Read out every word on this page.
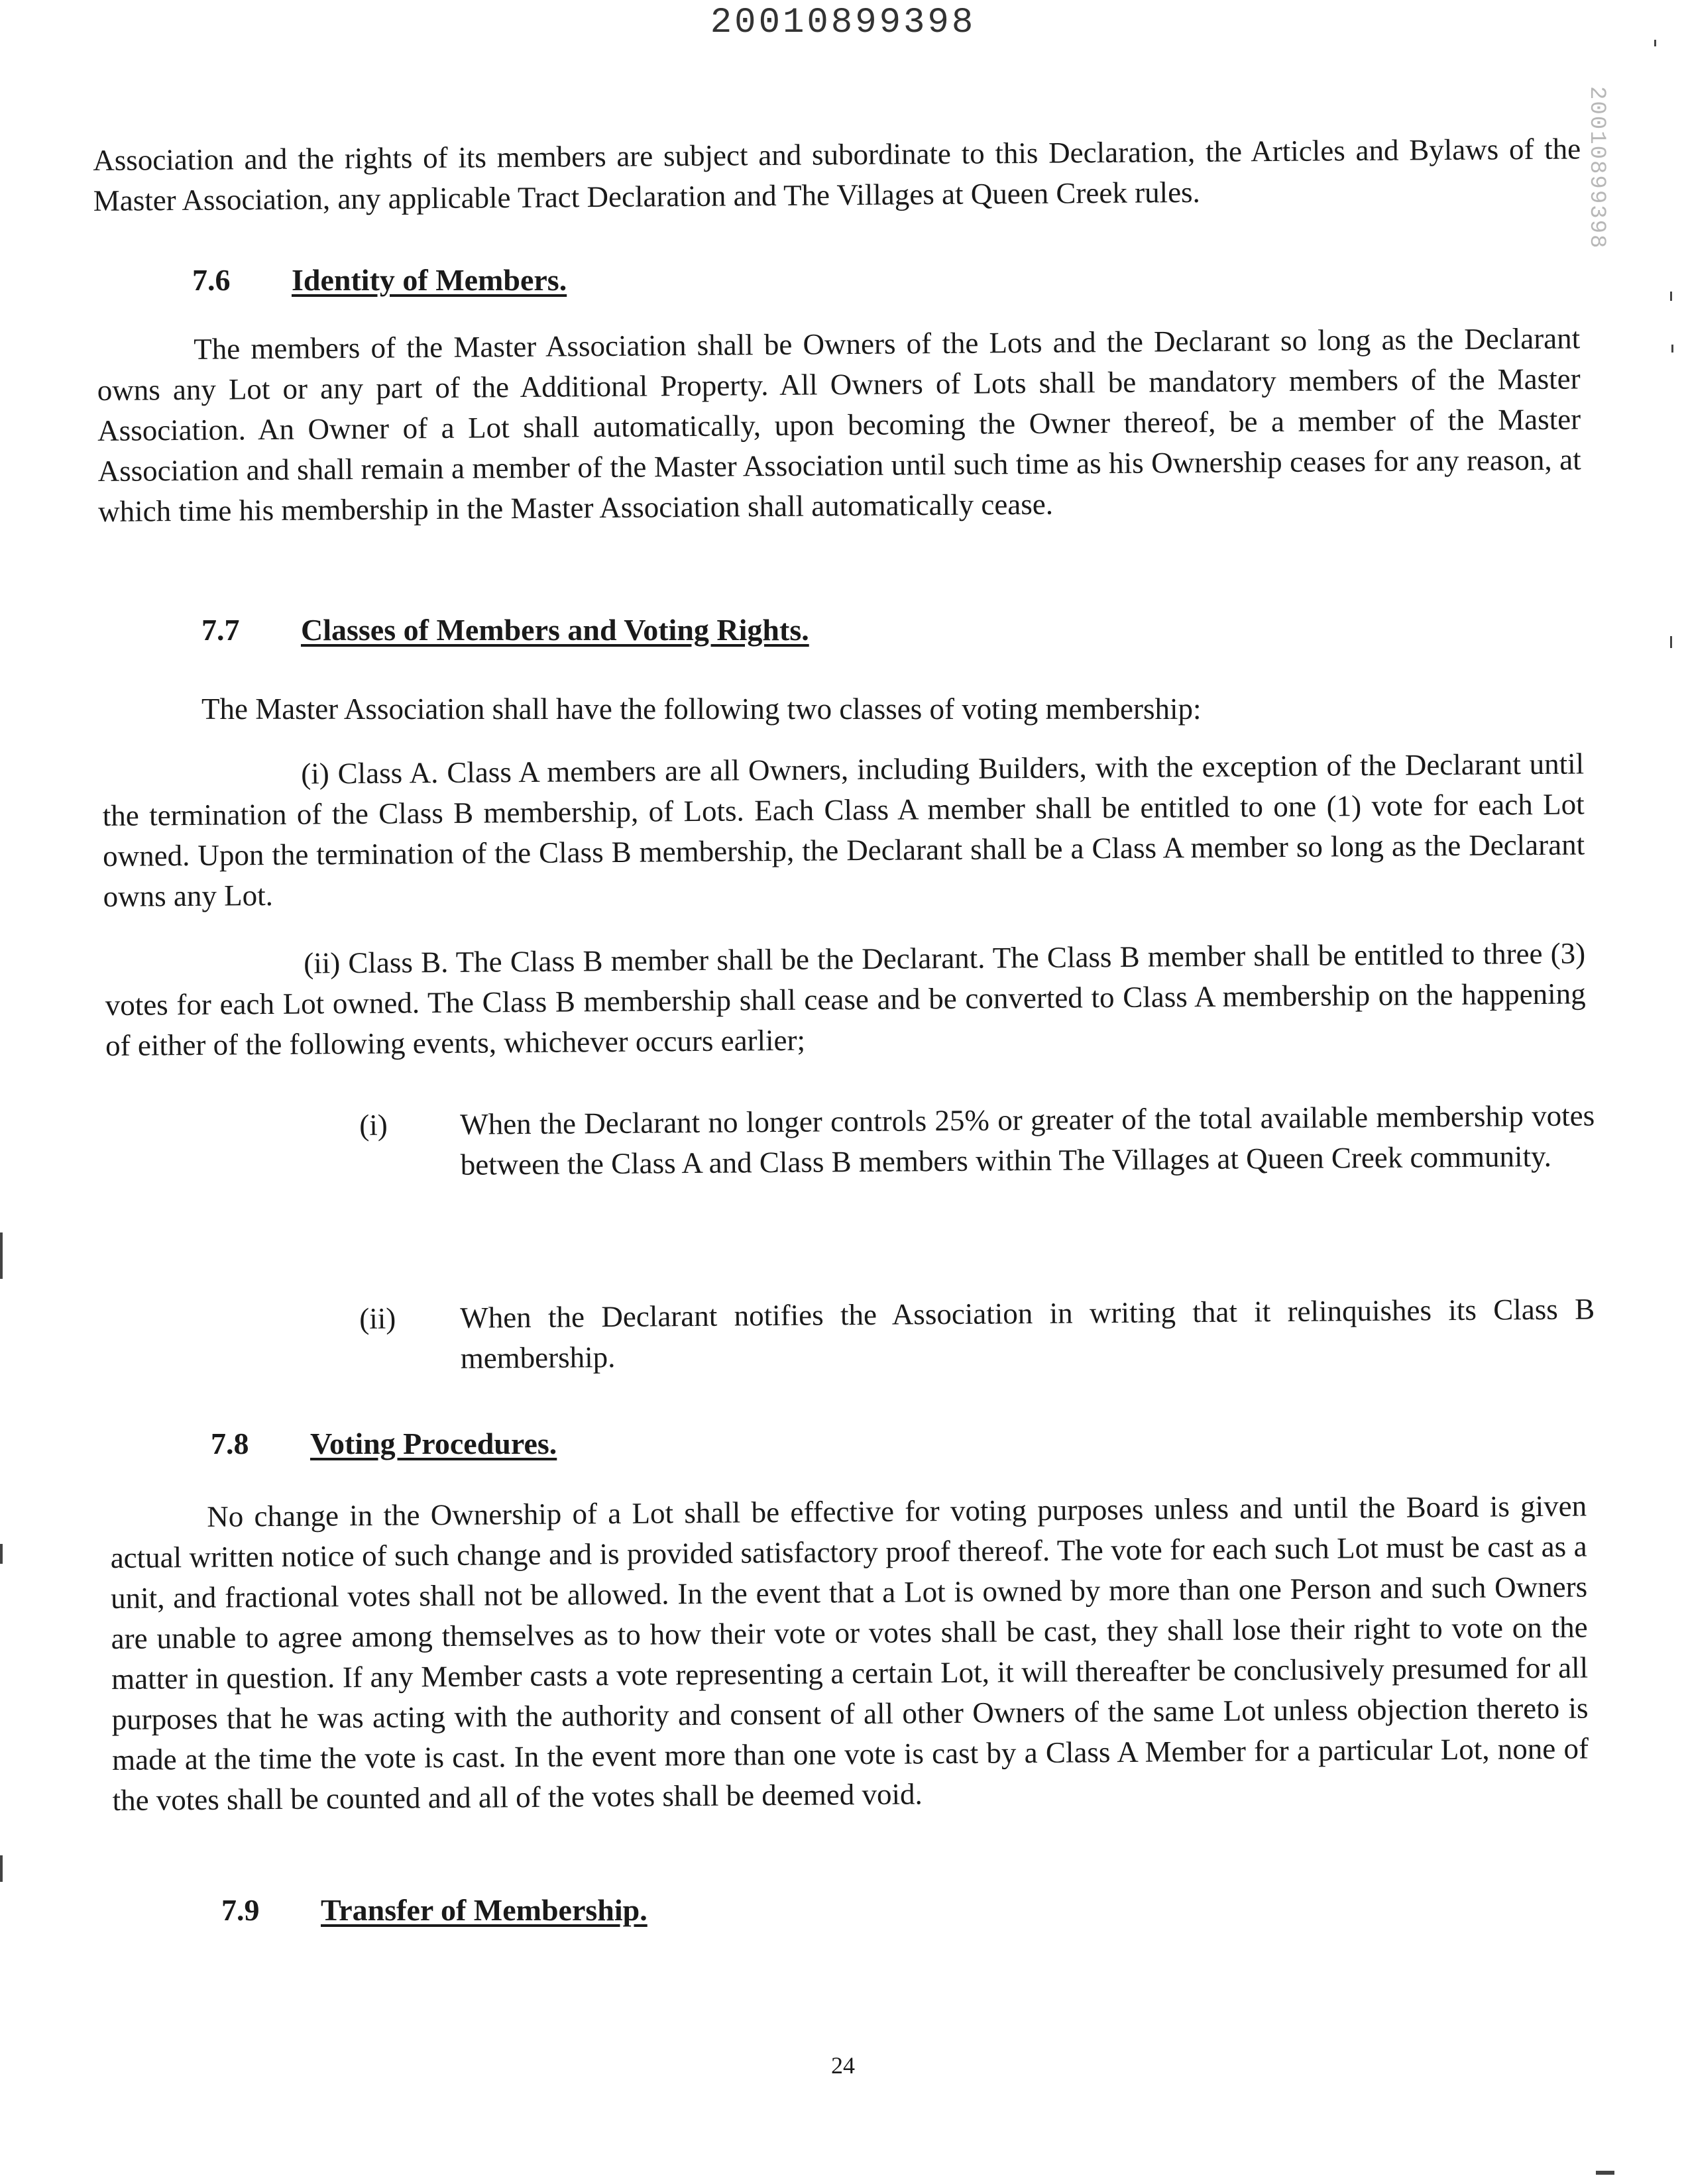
20010899398
20010899398
Association and the rights of its members are subject and subordinate to this Declaration, the Articles and Bylaws of the Master Association, any applicable Tract Declaration and The Villages at Queen Creek rules.
7.6 Identity of Members.
The members of the Master Association shall be Owners of the Lots and the Declarant so long as the Declarant owns any Lot or any part of the Additional Property. All Owners of Lots shall be mandatory members of the Master Association. An Owner of a Lot shall automatically, upon becoming the Owner thereof, be a member of the Master Association and shall remain a member of the Master Association until such time as his Ownership ceases for any reason, at which time his membership in the Master Association shall automatically cease.
7.7 Classes of Members and Voting Rights.
The Master Association shall have the following two classes of voting membership:
(i) Class A. Class A members are all Owners, including Builders, with the exception of the Declarant until the termination of the Class B membership, of Lots. Each Class A member shall be entitled to one (1) vote for each Lot owned. Upon the termination of the Class B membership, the Declarant shall be a Class A member so long as the Declarant owns any Lot.
(ii) Class B. The Class B member shall be the Declarant. The Class B member shall be entitled to three (3) votes for each Lot owned. The Class B membership shall cease and be converted to Class A membership on the happening of either of the following events, whichever occurs earlier;
(i) When the Declarant no longer controls 25% or greater of the total available membership votes between the Class A and Class B members within The Villages at Queen Creek community.
(ii) When the Declarant notifies the Association in writing that it relinquishes its Class B membership.
7.8 Voting Procedures.
No change in the Ownership of a Lot shall be effective for voting purposes unless and until the Board is given actual written notice of such change and is provided satisfactory proof thereof. The vote for each such Lot must be cast as a unit, and fractional votes shall not be allowed. In the event that a Lot is owned by more than one Person and such Owners are unable to agree among themselves as to how their vote or votes shall be cast, they shall lose their right to vote on the matter in question. If any Member casts a vote representing a certain Lot, it will thereafter be conclusively presumed for all purposes that he was acting with the authority and consent of all other Owners of the same Lot unless objection thereto is made at the time the vote is cast. In the event more than one vote is cast by a Class A Member for a particular Lot, none of the votes shall be counted and all of the votes shall be deemed void.
7.9 Transfer of Membership.
24
